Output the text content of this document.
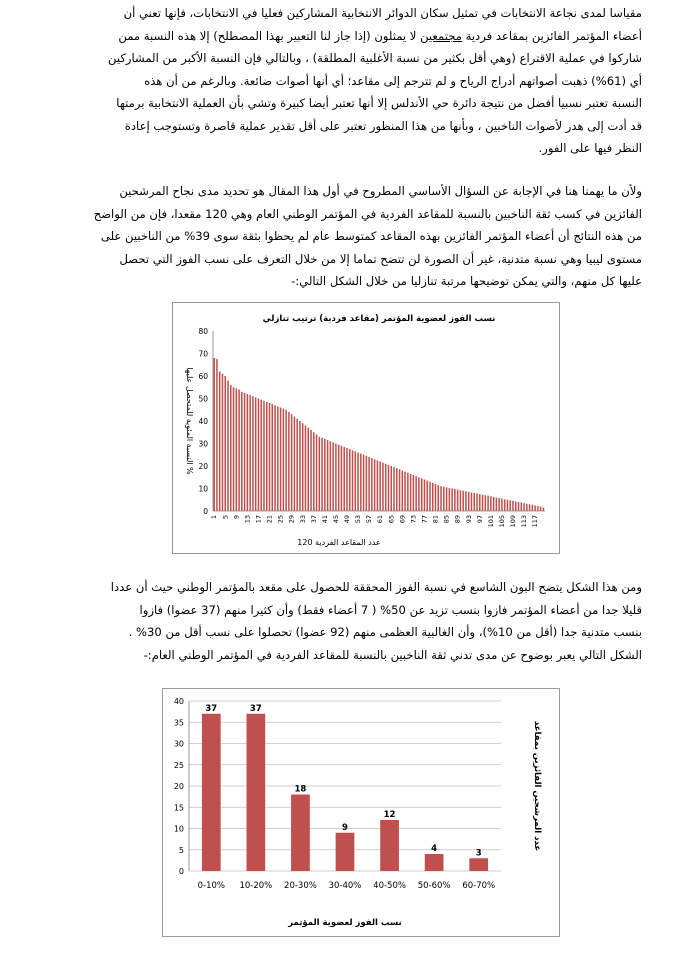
مقياسا لمدى نجاعة الانتخابات في تمثيل سكان الدوائر الانتخابية المشاركين فعليا في الانتخابات، فإنها تعني أن
أعضاء المؤتمر الفائزين بمقاعد فردية مجتمعين لا يمثلون (إذا جاز لنا التعبير بهذا المصطلح) إلا هذه النسبة ممن
شاركوا في عملية الاقتراع (وهي أقل بكثير من نسبة الأغلبية المطلقة) ، وبالتالي فإن النسبة الأكبر من المشاركين
أي (61%) ذهبت أصواتهم أدراج الرياح و لم تترجم إلى مقاعد؛ أي أنها أصوات ضائعة. وبالرغم من أن هذه
النسبة تعتبر نسبيا أفضل من نتيجة دائرة حي الأندلس إلا أنها تعتبر أيضا كبيرة وتشي بأن العملية الانتخابية برمتها
قد أدت إلى هدر لأصوات الناخبين ، وبأنها من هذا المنظور تعتبر على أقل تقدير عملية قاصرة وتستوجب إعادة
النظر فيها على الفور.
ولأن ما يهمنا هنا في الإجابة عن السؤال الأساسي المطروح في أول هذا المقال هو تحديد مدى نجاح المرشحين
الفائزين في كسب ثقة الناخبين بالنسبة للمقاعد الفردية في المؤتمر الوطني العام وهي 120 مقعدا، فإن من الواضح
من هذه النتائج أن أعضاء المؤتمر الفائزين بهذه المقاعد كمتوسط عام لم يحظوا بثقة سوى 39% من الناخبين على
مستوى ليبيا وهي نسبة متدنية، غير أن الصورة لن تتضح تماما إلا من خلال التعرف على نسب الفوز التي تحصل
عليها كل منهم، والتي يمكن توضيحها مرتبة تنازليا من خلال الشكل التالي:-
نسب الفوز لعضوية المؤتمر (مقاعد فردية) ترتيب تنازلي
0
10
20
30
40
50
60
70
80
1 5 9 13 17 21 25 29 33 37 41 45 49 53 57 61 65 69 73 77 81 85 89 93 97 101 105 109 113 117
عدد المقاعد الفردية 120
النسبة المئوية للمتحصل عليها %
ومن هذا الشكل يتضح البون الشاسع في نسبة الفوز المحققة للحصول على مقعد بالمؤتمر الوطني حيث أن عددا
قليلا جدا من أعضاء المؤتمر فازوا بنسب تزيد عن 50% ( 7 أعضاء فقط) وأن كثيرا منهم (37 عضوا) فازوا
بنسب متدنية جدا (أقل من 10%)، وأن الغالبية العظمى منهم (92 عضوا) تحصلوا على نسب أقل من 30% .
الشكل التالي يعبر بوضوح عن مدى تدني ثقة الناخبين بالنسبة للمقاعد الفردية في المؤتمر الوطني العام:-
0
5
10
15
20
25
30
35
40
37
0-10%
37
10-20%
18
20-30%
9
30-40%
12
40-50%
4
50-60%
3
60-70%
نسب الفوز لعضوية المؤتمر
عدد المرشحين الفائزين بمقاعد
